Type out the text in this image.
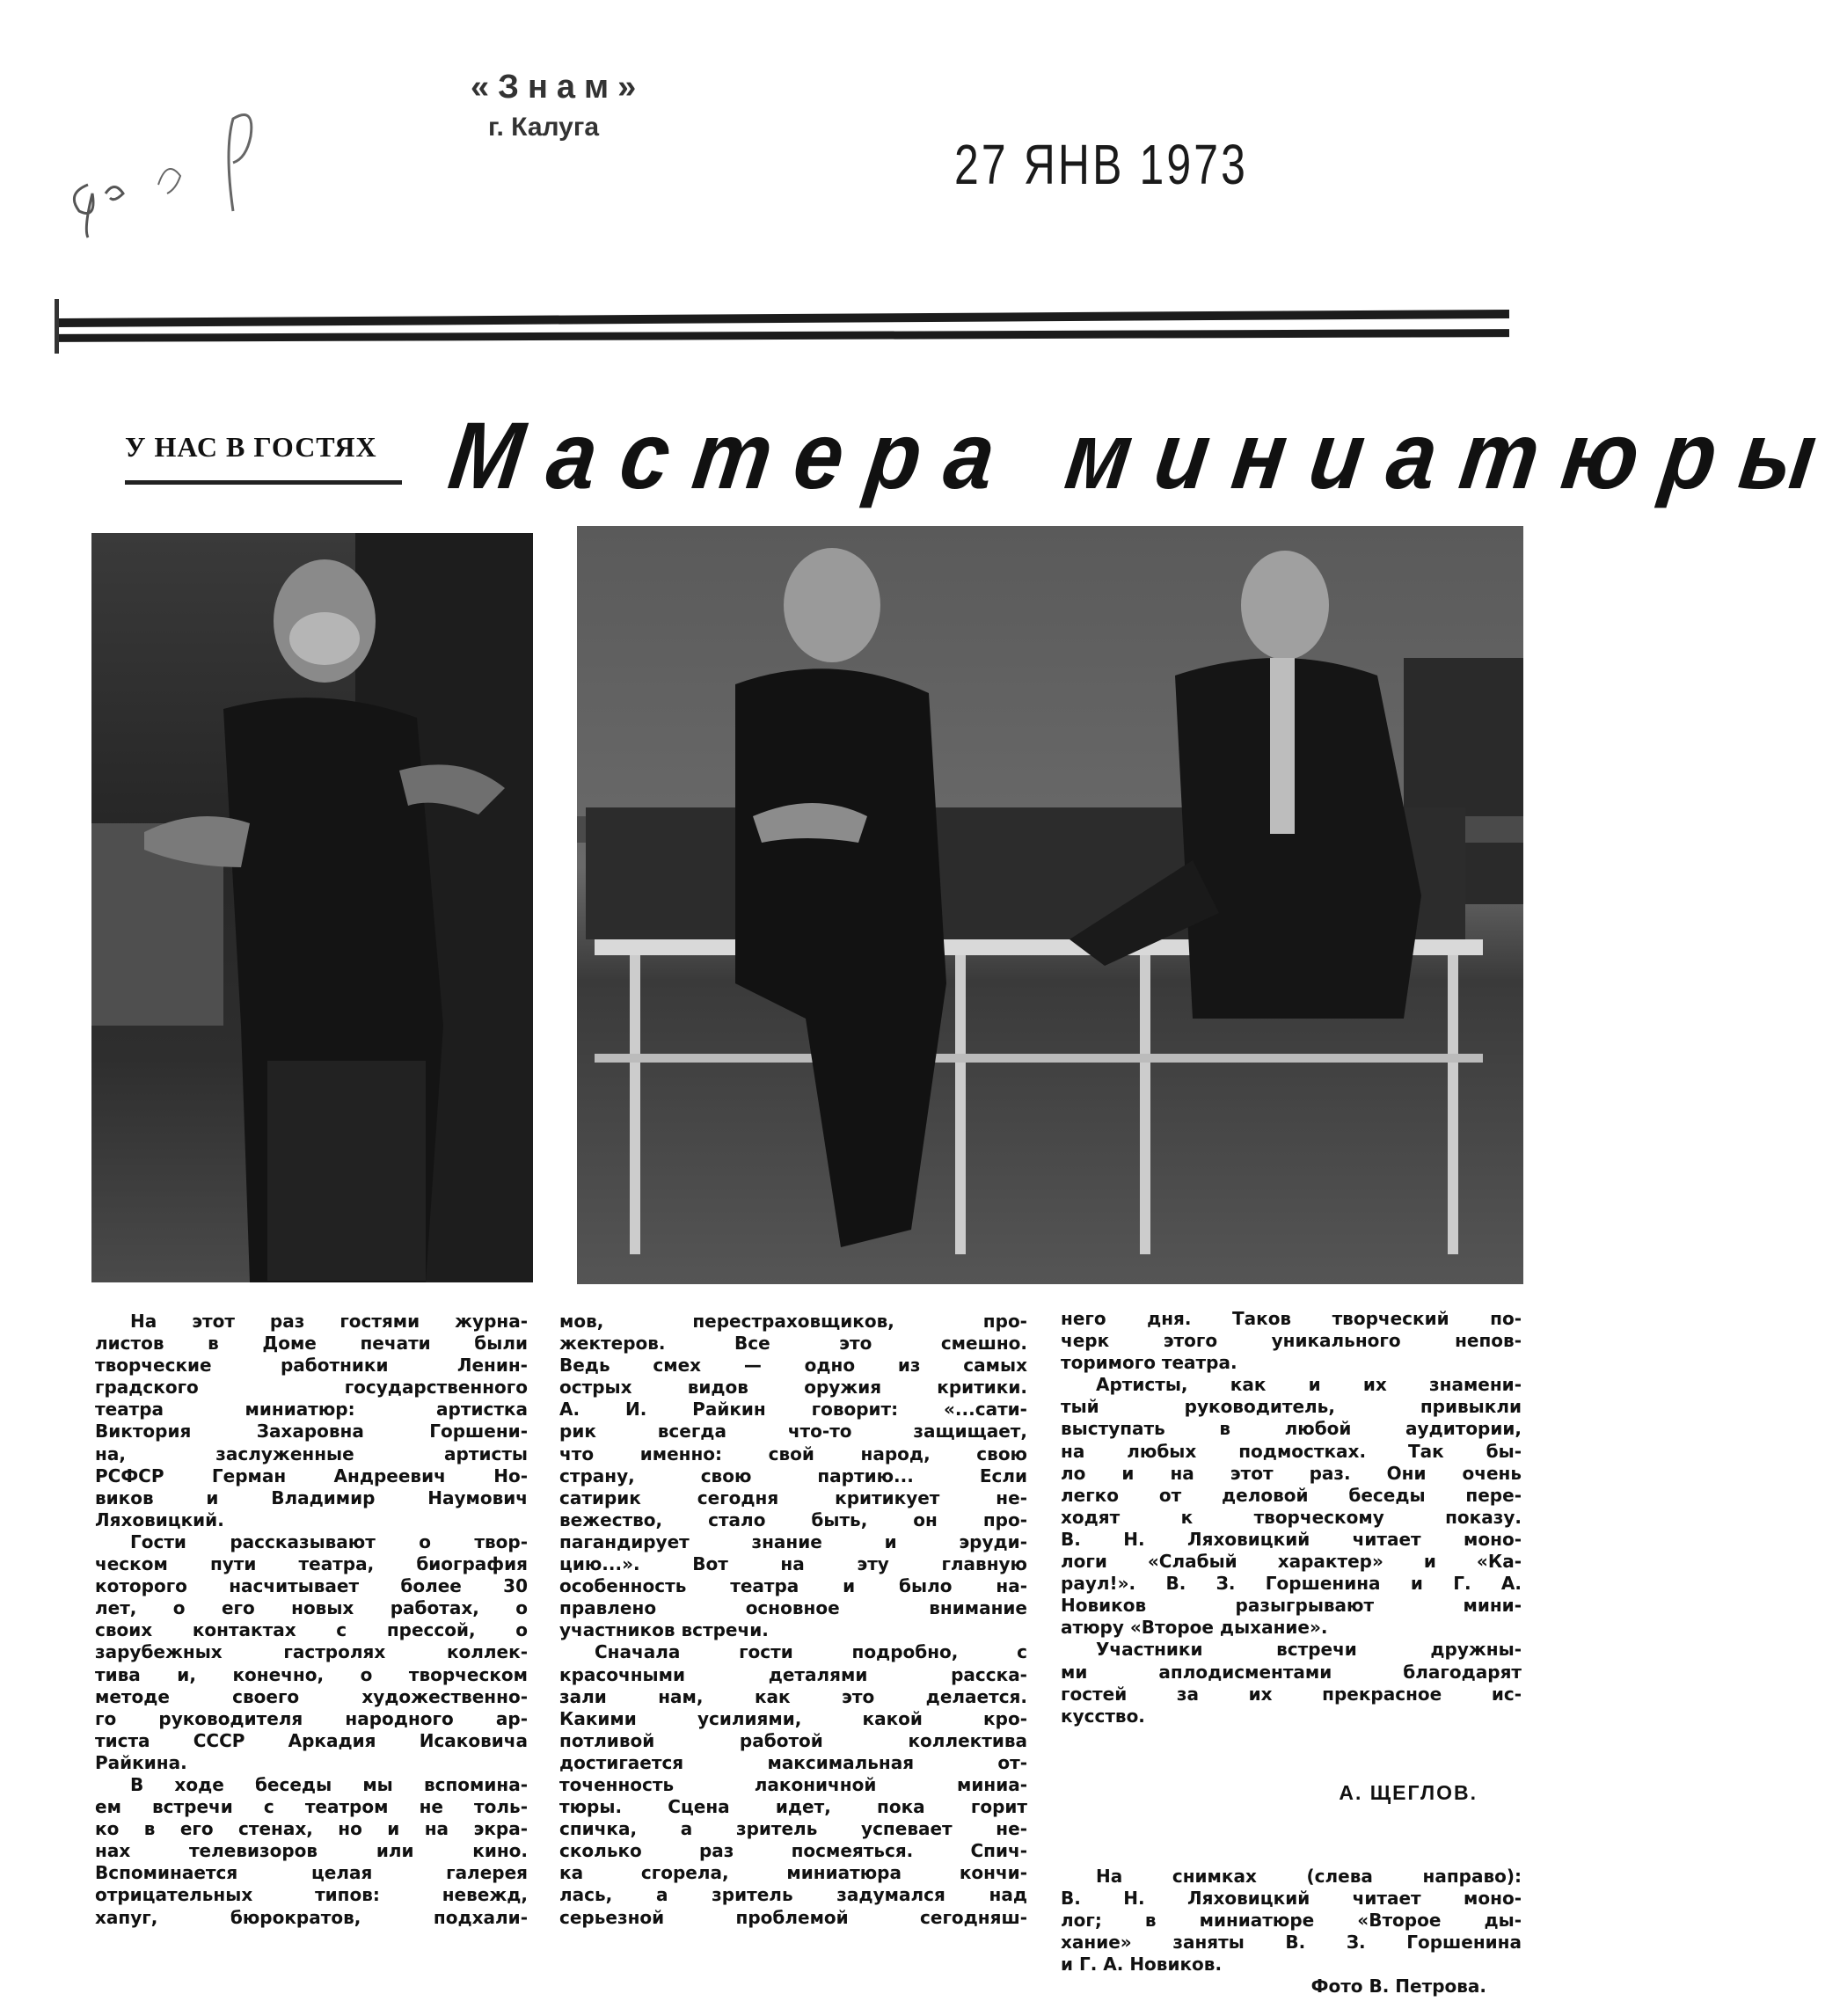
«Знам»
г. Калуга
27 ЯНВ 1973
У НАС В ГОСТЯХ Мастера миниатюры
На этот раз гостями журна-
листов в Доме печати были
творческие работники Ленин-
градского государственного
театра миниатюр: артистка
Виктория Захаровна Горшени-
на, заслуженные артисты
РСФСР Герман Андреевич Но-
виков и Владимир Наумович
Ляховицкий.
Гости рассказывают о твор-
ческом пути театра, биография
которого насчитывает более 30
лет, о его новых работах, о
своих контактах с прессой, о
зарубежных гастролях коллек-
тива и, конечно, о творческом
методе своего художественно-
го руководителя народного ар-
тиста СССР Аркадия Исаковича
Райкина.
В ходе беседы мы вспомина-
ем встречи с театром не толь-
ко в его стенах, но и на экра-
нах телевизоров или кино.
Вспоминается целая галерея
отрицательных типов: невежд,
хапуг, бюрократов, подхали-
мов, перестраховщиков, про-
жектеров. Все это смешно.
Ведь смех — одно из самых
острых видов оружия критики.
А. И. Райкин говорит: «...сати-
рик всегда что-то защищает,
что именно: свой народ, свою
страну, свою партию... Если
сатирик сегодня критикует не-
вежество, стало быть, он про-
пагандирует знание и эруди-
цию...». Вот на эту главную
особенность театра и было на-
правлено основное внимание
участников встречи.
Сначала гости подробно, с
красочными деталями расска-
зали нам, как это делается.
Какими усилиями, какой кро-
потливой работой коллектива
достигается максимальная от-
точенность лаконичной миниа-
тюры. Сцена идет, пока горит
спичка, а зритель успевает не-
сколько раз посмеяться. Спич-
ка сгорела, миниатюра кончи-
лась, а зритель задумался над
серьезной проблемой сегодняш-
него дня. Таков творческий по-
черк этого уникального непов-
торимого театра.
Артисты, как и их знамени-
тый руководитель, привыкли
выступать в любой аудитории,
на любых подмостках. Так бы-
ло и на этот раз. Они очень
легко от деловой беседы пере-
ходят к творческому показу.
В. Н. Ляховицкий читает моно-
логи «Слабый характер» и «Ка-
раул!». В. З. Горшенина и Г. А.
Новиков разыгрывают мини-
атюру «Второе дыхание».
Участники встречи дружны-
ми аплодисментами благодарят
гостей за их прекрасное ис-
кусство.
А. ЩЕГЛОВ.
На снимках (слева направо):
В. Н. Ляховицкий читает моно-
лог; в миниатюре «Второе ды-
хание» заняты В. З. Горшенина
и Г. А. Новиков.
Фото В. Петрова.
